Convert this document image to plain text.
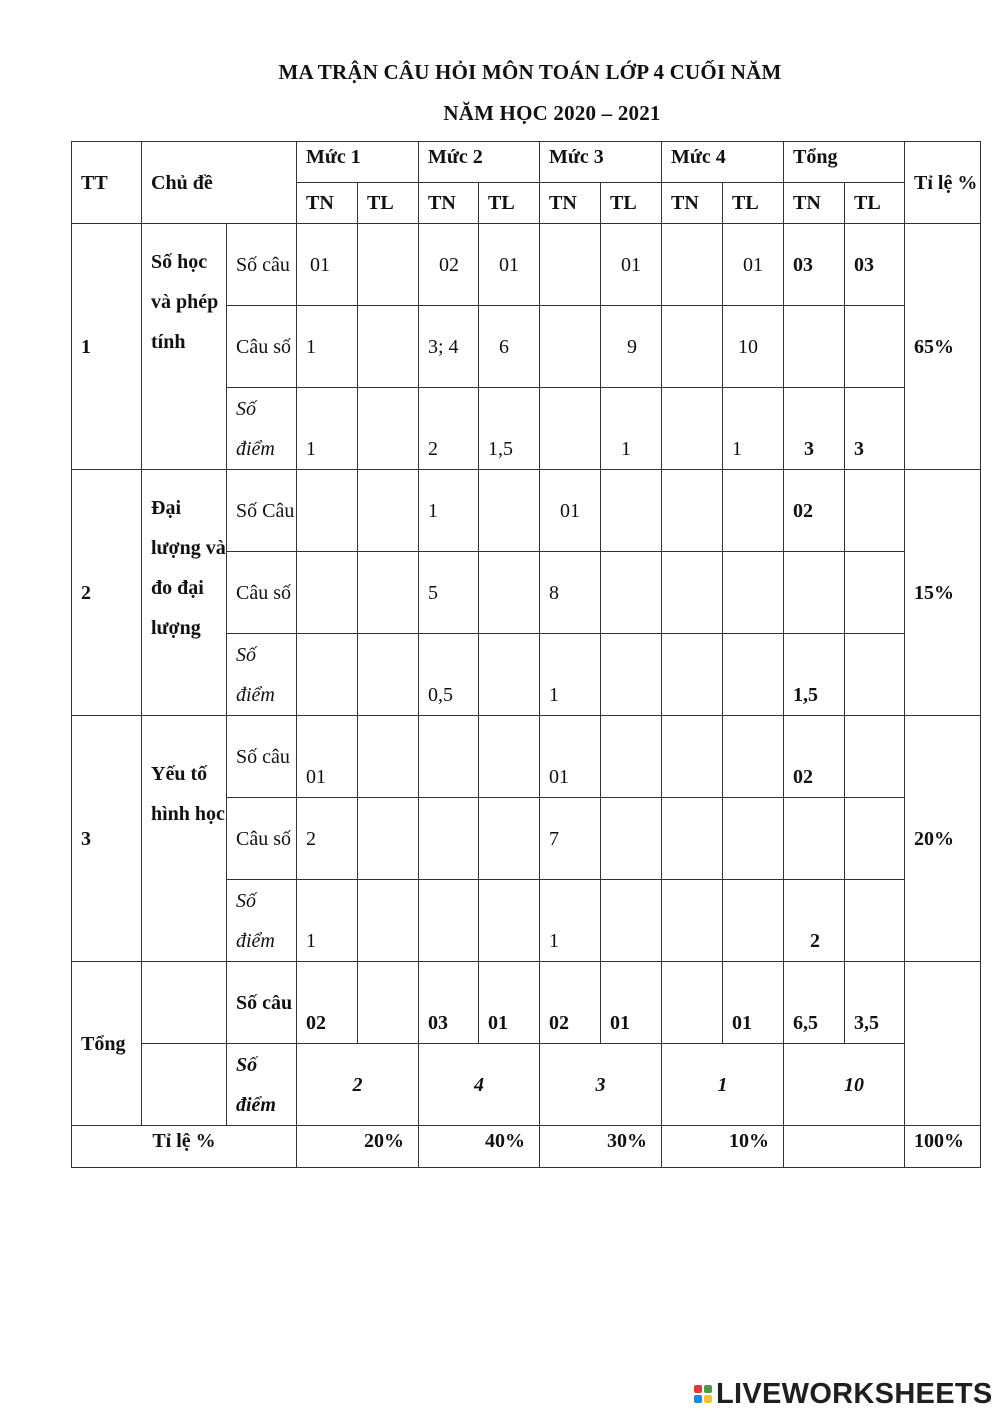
MA TRẬN CÂU HỎI MÔN TOÁN LỚP 4 CUỐI NĂM
NĂM HỌC 2020 – 2021
TT	Chủ đề		Mức 1		Mức 2		Mức 3		Mức 4		Tổng		Tỉ lệ %
			TN	TL	TN	TL	TN	TL	TN	TL	TN	TL	
1	Số học và phép tính	Số câu	01		02	01		01		01	03	03	65%
		Câu số	1		3; 4	6		9		10			
		Số điểm	1		2	1,5		1		1	3	3	
2	Đại lượng và đo đại lượng	Số Câu			1		01				02		15%
		Câu số			5		8						
		Số điểm			0,5		1				1,5		
3	Yếu tố hình học	Số câu	01				01				02		20%
		Câu số	2				7						
		Số điểm	1				1				2		
Tổng		Số câu	02		03	01	02	01		01	6,5	3,5	
		Số điểm	2		4		3		1		10		
Tỉ lệ %			20%		40%		30%		10%				100%
LIVEWORKSHEETS
